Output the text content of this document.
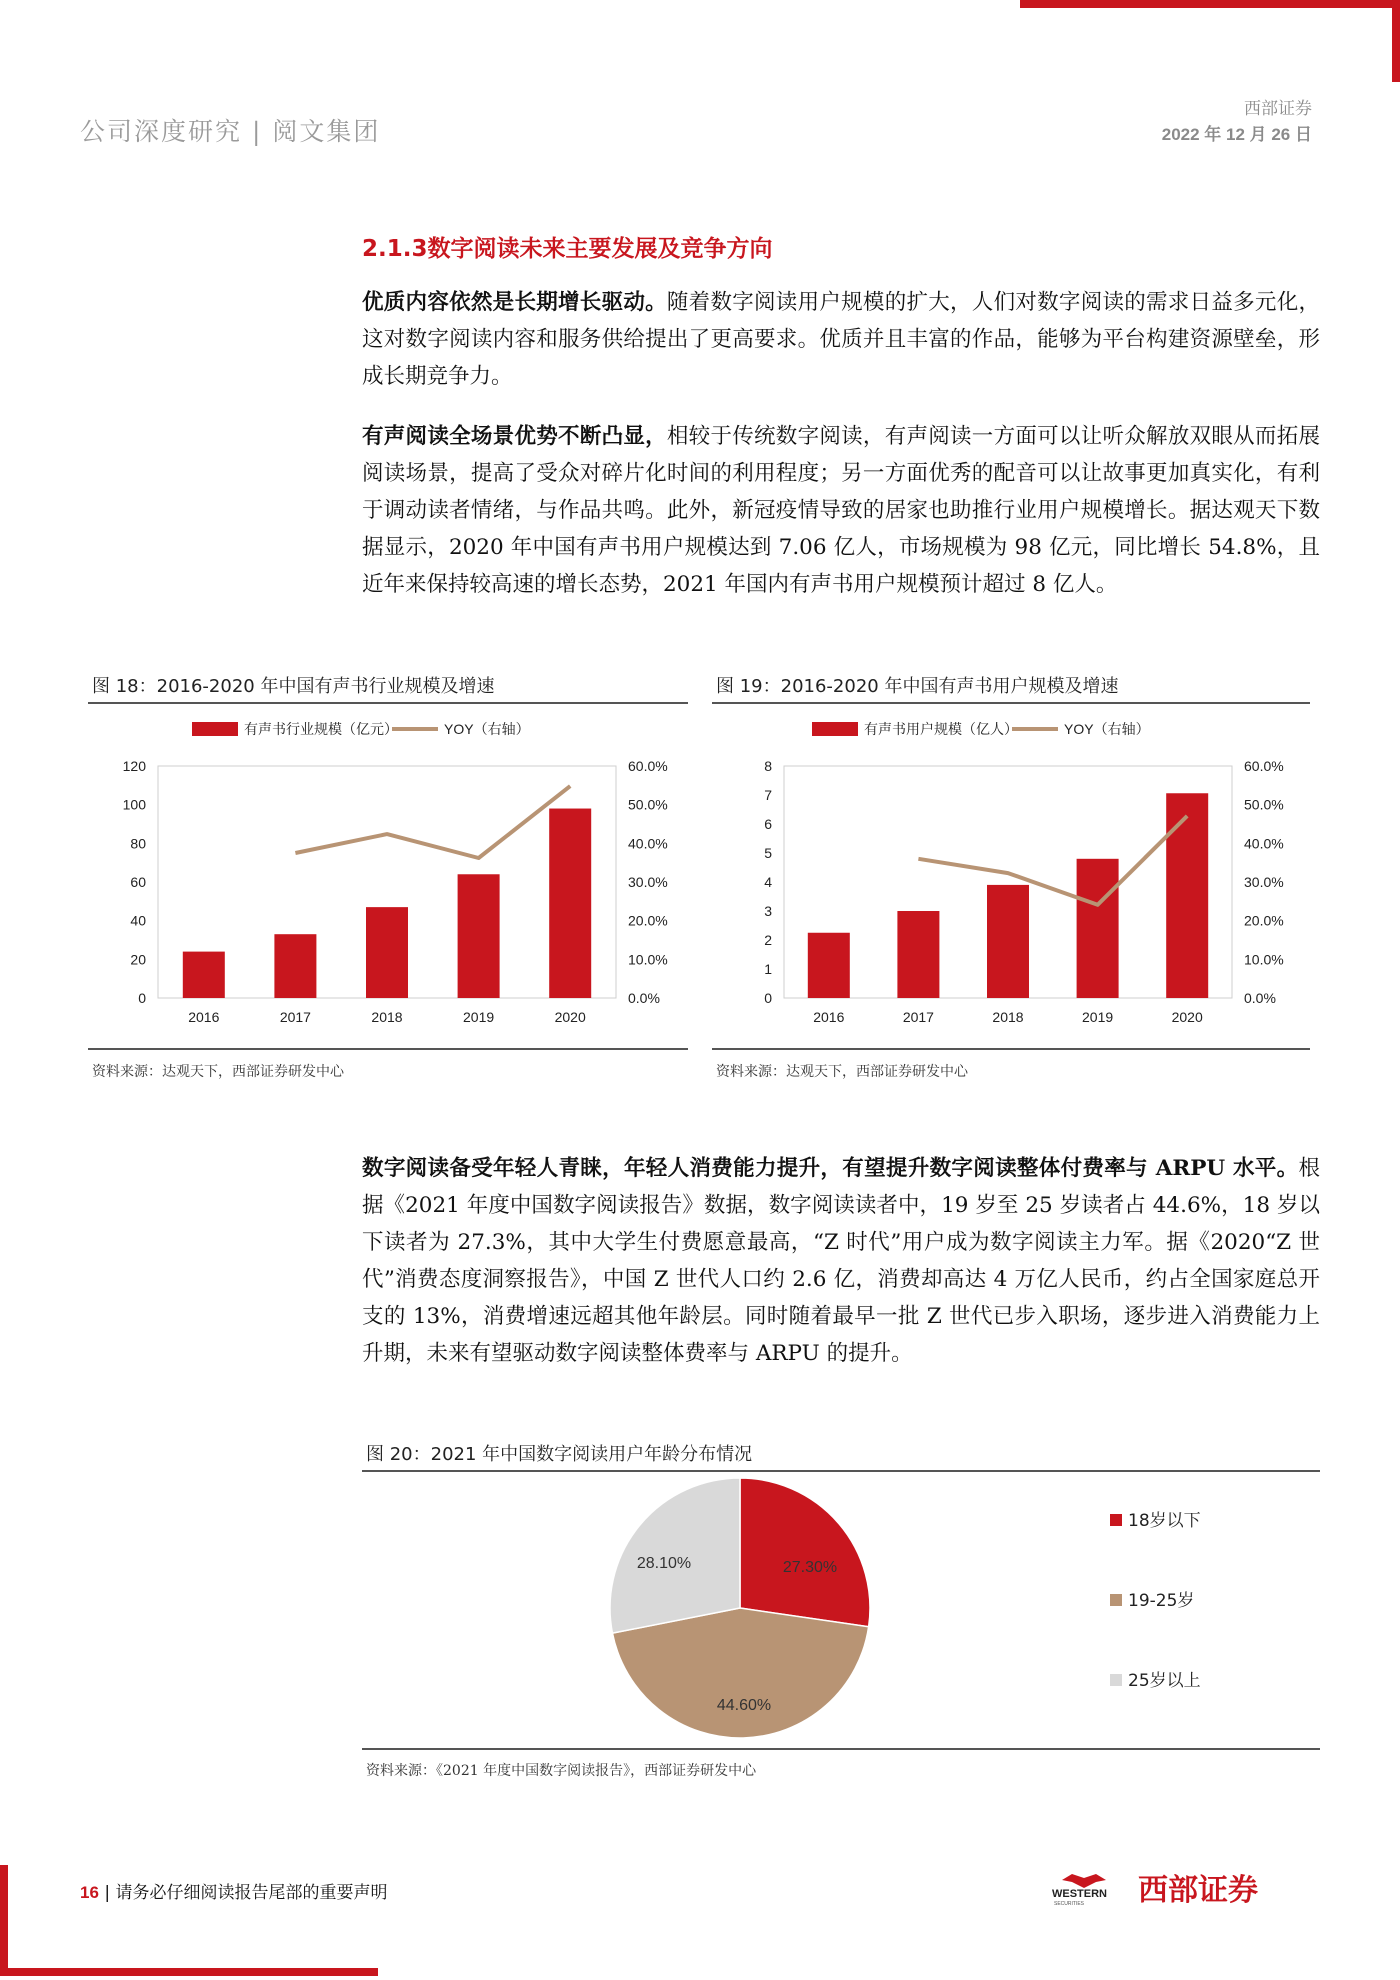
公司深度研究 | 阅文集团
西部证券
2022 年 12 月 26 日
2.1.3数字阅读未来主要发展及竞争方向
优质内容依然是长期增长驱动。随着数字阅读用户规模的扩大，人们对数字阅读的需求日益多元化，这对数字阅读内容和服务供给提出了更高要求。优质并且丰富的作品，能够为平台构建资源壁垒，形成长期竞争力。
有声阅读全场景优势不断凸显，相较于传统数字阅读，有声阅读一方面可以让听众解放双眼从而拓展阅读场景，提高了受众对碎片化时间的利用程度；另一方面优秀的配音可以让故事更加真实化，有利于调动读者情绪，与作品共鸣。此外，新冠疫情导致的居家也助推行业用户规模增长。据达观天下数据显示，2020 年中国有声书用户规模达到 7.06 亿人，市场规模为 98 亿元，同比增长 54.8%，且近年来保持较高速的增长态势，2021 年国内有声书用户规模预计超过 8 亿人。
图 18：2016-2020 年中国有声书行业规模及增速
有声书行业规模（亿元）	YOY（右轴）
0
20
40
60
80
100
120
0.0%
10.0%
20.0%
30.0%
40.0%
50.0%
60.0%
2016	2017	2018	2019	2020
资料来源：达观天下，西部证券研发中心
图 19：2016-2020 年中国有声书用户规模及增速
有声书用户规模（亿人）	YOY（右轴）
0
1
2
3
4
5
6
7
8
0.0%
10.0%
20.0%
30.0%
40.0%
50.0%
60.0%
2016	2017	2018	2019	2020
资料来源：达观天下，西部证券研发中心
数字阅读备受年轻人青睐，年轻人消费能力提升，有望提升数字阅读整体付费率与 ARPU 水平。根据《2021 年度中国数字阅读报告》数据，数字阅读读者中，19 岁至 25 岁读者占 44.6%，18 岁以下读者为 27.3%，其中大学生付费愿意最高，“Z 时代”用户成为数字阅读主力军。据《2020“Z 世代”消费态度洞察报告》，中国 Z 世代人口约 2.6 亿，消费却高达 4 万亿人民币，约占全国家庭总开支的 13%，消费增速远超其他年龄层。同时随着最早一批 Z 世代已步入职场，逐步进入消费能力上升期，未来有望驱动数字阅读整体费率与 ARPU 的提升。
图 20：2021 年中国数字阅读用户年龄分布情况
27.30%
44.60%
28.10%
18岁以下
19-25岁
25岁以上
资料来源：《2021 年度中国数字阅读报告》，西部证券研发中心
16 | 请务必仔细阅读报告尾部的重要声明	WESTERN
SECURITIES 西部证券
